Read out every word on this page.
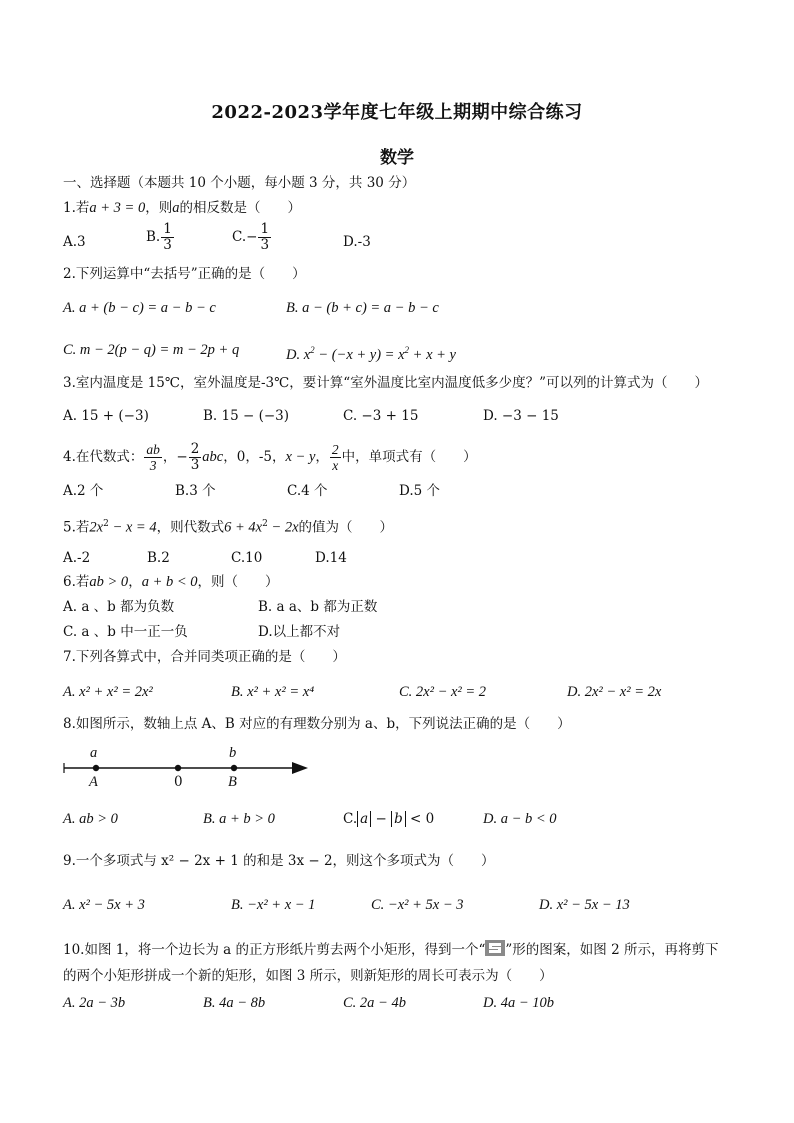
2022-2023学年度七年级上期期中综合练习
数学
一、选择题（本题共 10 个小题，每小题 3 分，共 30 分）
1.若a + 3 = 0，则a的相反数是（　　）
A.3	B. $\frac{1}{3}$	$C.- \frac{1}{3}$	D.-3
2.下列运算中“去括号”正确的是（　　）
A. a + (b − c) = a − b − c	B. a − (b + c) = a − b − c
C. m − 2(p − q) = m − 2p + q	D. $x^2 - (-x + y) = x^2 + x + y$
3.室内温度是 15℃，室外温度是-3℃，要计算“室外温度比室内温度低多少度？”可以列的计算式为（　　）
A. 15 + (−3)	B. 15 − (−3)	C. −3 + 15	D. −3 − 15
4.在代数式： $\frac{ab}{3}$ ，− $\frac{2}{3}$ abc，0，-5，x − y， $\frac{2}{x}$ 中，单项式有（　　）
A.2 个	B.3 个	C.4 个	D.5 个
5.若$2x^2 - x = 4$，则代数式$6 + 4x^2 - 2x$的值为（　　）
A.-2	B.2	C.10	D.14
6.若ab > 0，a + b < 0，则（　　）
A. a 、b 都为负数	B. a a、b 都为正数
C. a 、b 中一正一负	D.以上都不对
7.下列各算式中，合并同类项正确的是（　　）
A. x² + x² = 2x²	B. x² + x² = x⁴	C. 2x² − x² = 2	D. 2x² − x² = 2x
8.如图所示，数轴上点 A、B 对应的有理数分别为 a、b，下列说法正确的是（　　）
a
A	0
b
B
A. ab > 0	B. a + b > 0	C. a − b < 0	D. a − b < 0
9.一个多项式与 x² − 2x + 1 的和是 3x − 2，则这个多项式为（　　）
A. x² − 5x + 3	B. −x² + x − 1	C. −x² + 5x − 3	D. x² − 5x − 13
10.如图 1，将一个边长为 a 的正方形纸片剪去两个小矩形，得到一个“ ”形的图案，如图 2 所示，再将剪下
的两个小矩形拼成一个新的矩形，如图 3 所示，则新矩形的周长可表示为（　　）
A. 2a − 3b	B. 4a − 8b	C. 2a − 4b	D. 4a − 10b
